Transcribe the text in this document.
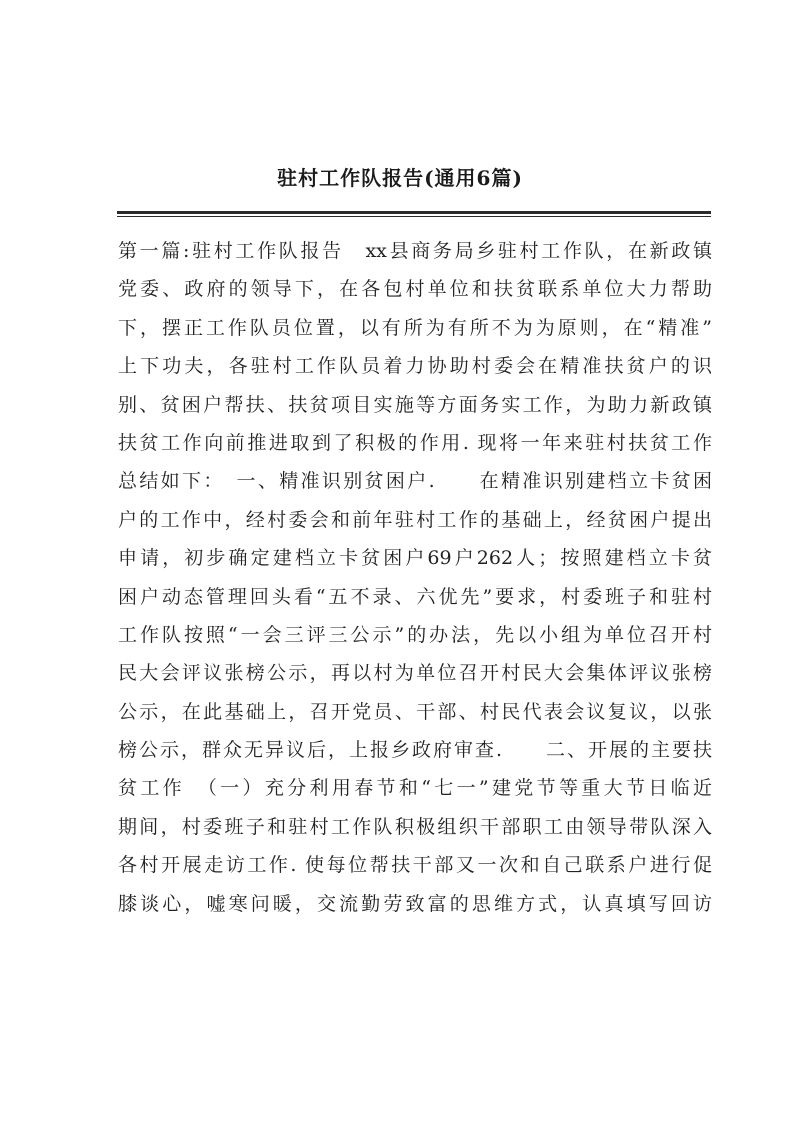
驻村工作队报告(通用6篇)
第一篇:驻村工作队报告　xx县商务局乡驻村工作队，在新政镇
党委、政府的领导下，在各包村单位和扶贫联系单位大力帮助
下，摆正工作队员位置，以有所为有所不为为原则，在“精准”
上下功夫，各驻村工作队员着力协助村委会在精准扶贫户的识
别、贫困户帮扶、扶贫项目实施等方面务实工作，为助力新政镇
扶贫工作向前推进取到了积极的作用. 现将一年来驻村扶贫工作
总结如下：　一、精准识别贫困户.　　在精准识别建档立卡贫困
户的工作中，经村委会和前年驻村工作的基础上，经贫困户提出
申请，初步确定建档立卡贫困户69户262人；按照建档立卡贫
困户动态管理回头看“五不录、六优先”要求，村委班子和驻村
工作队按照“一会三评三公示”的办法，先以小组为单位召开村
民大会评议张榜公示，再以村为单位召开村民大会集体评议张榜
公示，在此基础上，召开党员、干部、村民代表会议复议，以张
榜公示，群众无异议后，上报乡政府审查.　　二、开展的主要扶
贫工作　（一）充分利用春节和“七一”建党节等重大节日临近
期间，村委班子和驻村工作队积极组织干部职工由领导带队深入
各村开展走访工作. 使每位帮扶干部又一次和自己联系户进行促
膝谈心，嘘寒问暖，交流勤劳致富的思维方式，认真填写回访
